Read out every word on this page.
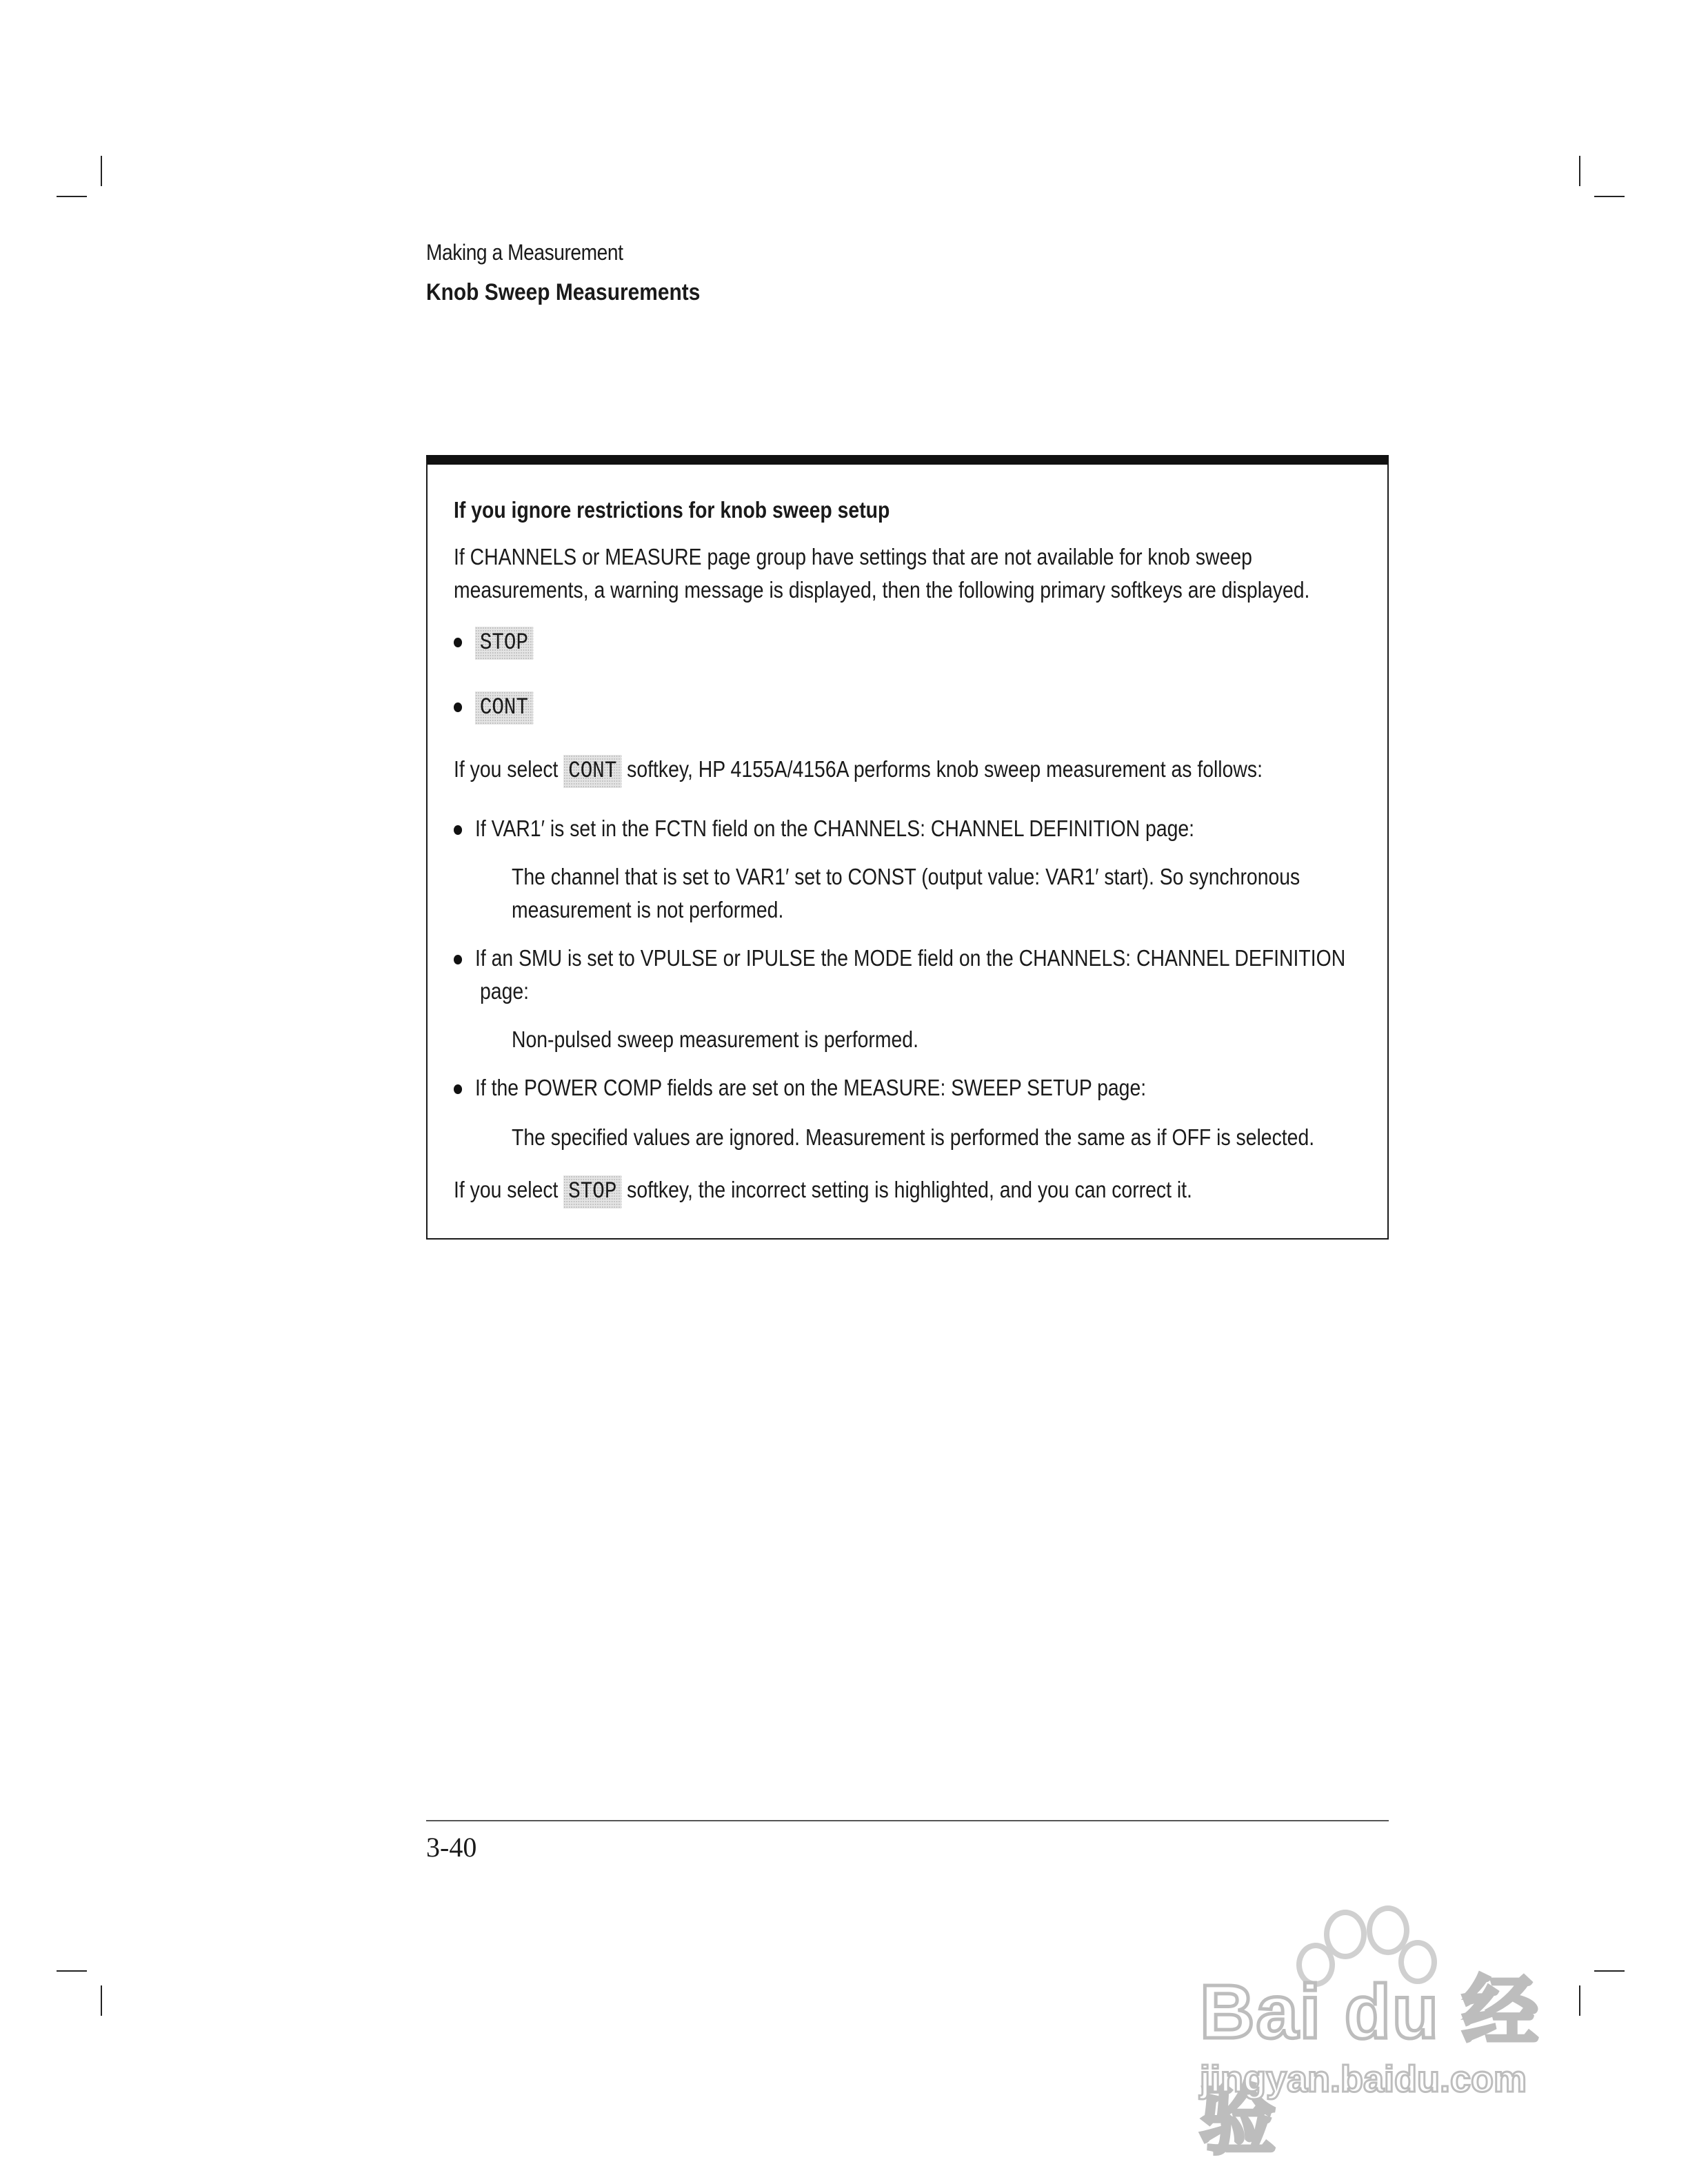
Making a Measurement
Knob Sweep Measurements
If you ignore restrictions for knob sweep setup
If CHANNELS or MEASURE page group have settings that are not available for knob sweep
measurements, a warning message is displayed, then the following primary softkeys are displayed.
STOP
CONT
If you select CONT softkey, HP 4155A/4156A performs knob sweep measurement as follows:
If VAR1′ is set in the FCTN field on the CHANNELS: CHANNEL DEFINITION page:
The channel that is set to VAR1′ set to CONST (output value: VAR1′ start). So synchronous
measurement is not performed.
If an SMU is set to VPULSE or IPULSE the MODE field on the CHANNELS: CHANNEL DEFINITION
page:
Non-pulsed sweep measurement is performed.
If the POWER COMP fields are set on the MEASURE: SWEEP SETUP page:
The specified values are ignored. Measurement is performed the same as if OFF is selected.
If you select STOP softkey, the incorrect setting is highlighted, and you can correct it.
3-40
Bai du 经验
jingyan.baidu.com
